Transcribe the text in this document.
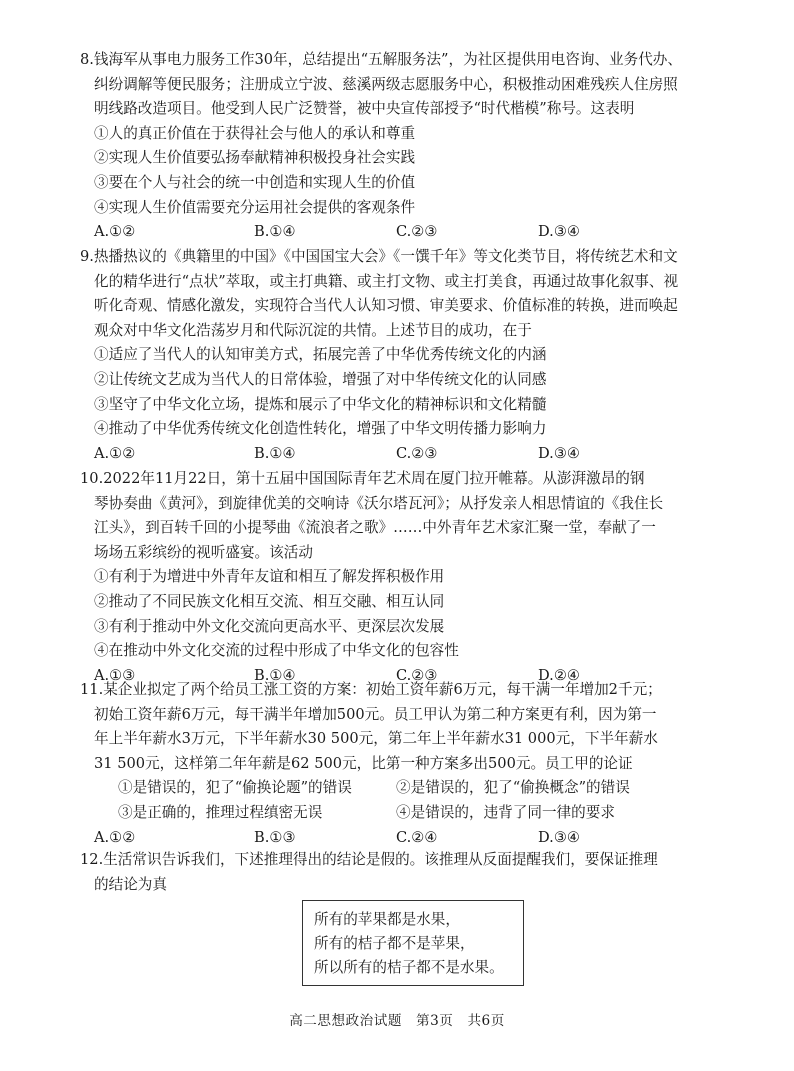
8.钱海军从事电力服务工作30年，总结提出“五解服务法”，为社区提供用电咨询、业务代办、
纠纷调解等便民服务；注册成立宁波、慈溪两级志愿服务中心，积极推动困难残疾人住房照
明线路改造项目。他受到人民广泛赞誉，被中央宣传部授予“时代楷模”称号。这表明
①人的真正价值在于获得社会与他人的承认和尊重
②实现人生价值要弘扬奉献精神积极投身社会实践
③要在个人与社会的统一中创造和实现人生的价值
④实现人生价值需要充分运用社会提供的客观条件
A.①②	B.①④	C.②③	D.③④
9.热播热议的《典籍里的中国》《中国国宝大会》《一馔千年》等文化类节目，将传统艺术和文
化的精华进行“点状”萃取，或主打典籍、或主打文物、或主打美食，再通过故事化叙事、视
听化奇观、情感化激发，实现符合当代人认知习惯、审美要求、价值标准的转换，进而唤起
观众对中华文化浩荡岁月和代际沉淀的共情。上述节目的成功，在于
①适应了当代人的认知审美方式，拓展完善了中华优秀传统文化的内涵
②让传统文艺成为当代人的日常体验，增强了对中华传统文化的认同感
③坚守了中华文化立场，提炼和展示了中华文化的精神标识和文化精髓
④推动了中华优秀传统文化创造性转化，增强了中华文明传播力影响力
A.①②	B.①④	C.②③	D.③④
10.2022年11月22日，第十五届中国国际青年艺术周在厦门拉开帷幕。从澎湃激昂的钢
琴协奏曲《黄河》，到旋律优美的交响诗《沃尔塔瓦河》；从抒发亲人相思情谊的《我住长
江头》，到百转千回的小提琴曲《流浪者之歌》……中外青年艺术家汇聚一堂，奉献了一
场场五彩缤纷的视听盛宴。该活动
①有利于为增进中外青年友谊和相互了解发挥积极作用
②推动了不同民族文化相互交流、相互交融、相互认同
③有利于推动中外文化交流向更高水平、更深层次发展
④在推动中外文化交流的过程中形成了中华文化的包容性
A.①③	B.①④	C.②③	D.②④
11.某企业拟定了两个给员工涨工资的方案：初始工资年薪6万元，每干满一年增加2千元；
初始工资年薪6万元，每干满半年增加500元。员工甲认为第二种方案更有利，因为第一
年上半年薪水3万元，下半年薪水30 500元，第二年上半年薪水31 000元，下半年薪水
31 500元，这样第二年年薪是62 500元，比第一种方案多出500元。员工甲的论证
①是错误的，犯了“偷换论题”的错误	②是错误的，犯了“偷换概念”的错误
③是正确的，推理过程缜密无误	④是错误的，违背了同一律的要求
A.①②	B.①③	C.②④	D.③④
12.生活常识告诉我们，下述推理得出的结论是假的。该推理从反面提醒我们，要保证推理
的结论为真
所有的苹果都是水果，
所有的桔子都不是苹果，
所以所有的桔子都不是水果。
高二思想政治试题　第3页　共6页
